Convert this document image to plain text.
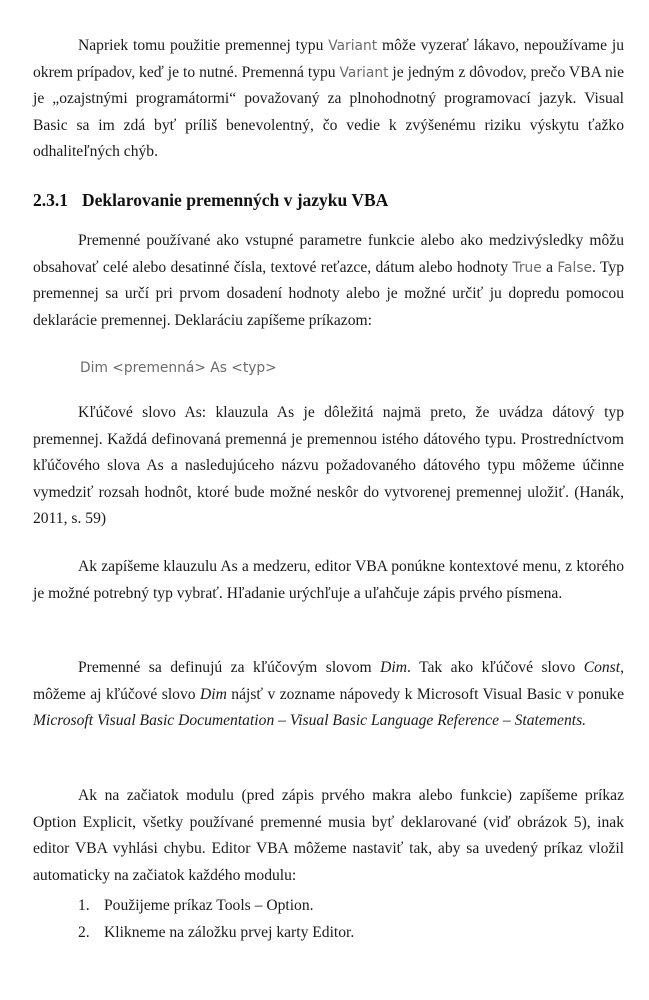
Napriek tomu použitie premennej typu Variant môže vyzerať lákavo, nepoužívame ju okrem prípadov, keď je to nutné. Premenná typu Variant je jedným z dôvodov, prečo VBA nie je „ozajstnými programátormi“ považovaný za plnohodnotný programovací jazyk. Visual Basic sa im zdá byť príliš benevolentný, čo vedie k zvýšenému riziku výskytu ťažko odhaliteľných chýb.

2.3.1 Deklarovanie premenných v jazyku VBA

Premenné používané ako vstupné parametre funkcie alebo ako medzivýsledky môžu obsahovať celé alebo desatinné čísla, textové reťazce, dátum alebo hodnoty True a False. Typ premennej sa určí pri prvom dosadení hodnoty alebo je možné určiť ju dopredu pomocou deklarácie premennej. Deklaráciu zapíšeme príkazom:

Dim <premenná> As <typ>

Kľúčové slovo As: klauzula As je dôležitá najmä preto, že uvádza dátový typ premennej. Každá definovaná premenná je premennou istého dátového typu. Prostredníctvom kľúčového slova As a nasledujúceho názvu požadovaného dátového typu môžeme účinne vymedziť rozsah hodnôt, ktoré bude možné neskôr do vytvorenej premennej uložiť. (Hanák, 2011, s. 59)

Ak zapíšeme klauzulu As a medzeru, editor VBA ponúkne kontextové menu, z ktorého je možné potrebný typ vybrať. Hľadanie urýchľuje a uľahčuje zápis prvého písmena.

Premenné sa definujú za kľúčovým slovom Dim. Tak ako kľúčové slovo Const, môžeme aj kľúčové slovo Dim nájsť v zozname nápovedy k Microsoft Visual Basic v ponuke Microsoft Visual Basic Documentation – Visual Basic Language Reference – Statements.

Ak na začiatok modulu (pred zápis prvého makra alebo funkcie) zapíšeme príkaz Option Explicit, všetky používané premenné musia byť deklarované (viď obrázok 5), inak editor VBA vyhlási chybu. Editor VBA môžeme nastaviť tak, aby sa uvedený príkaz vložil automaticky na začiatok každého modulu:

1. Použijeme príkaz Tools – Option.
2. Klikneme na záložku prvej karty Editor.
